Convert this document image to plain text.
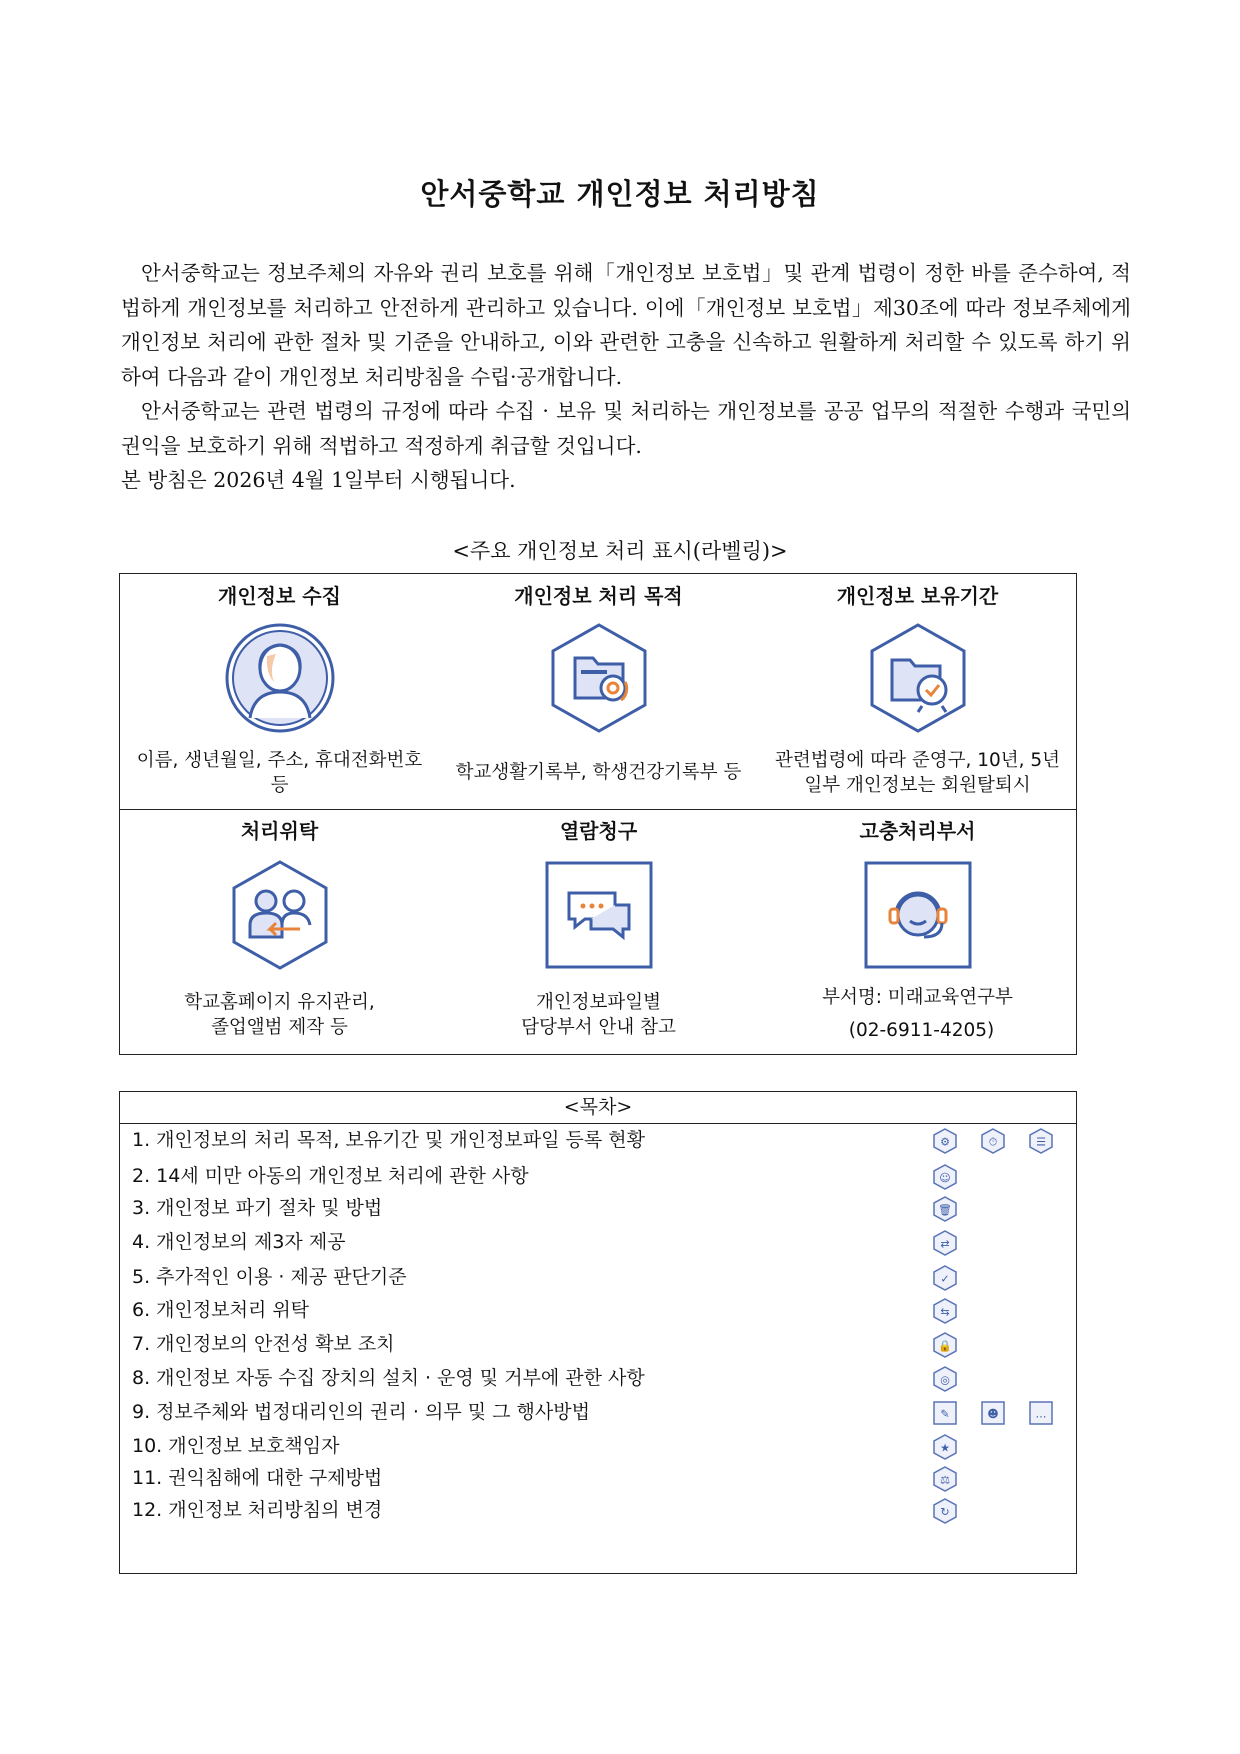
안서중학교 개인정보 처리방침

안서중학교는 정보주체의 자유와 권리 보호를 위해「개인정보 보호법」및 관계 법령이 정한 바를 준수하여, 적법하게 개인정보를 처리하고 안전하게 관리하고 있습니다. 이에「개인정보 보호법」제30조에 따라 정보주체에게 개인정보 처리에 관한 절차 및 기준을 안내하고, 이와 관련한 고충을 신속하고 원활하게 처리할 수 있도록 하기 위하여 다음과 같이 개인정보 처리방침을 수립·공개합니다.

안서중학교는 관련 법령의 규정에 따라 수집 · 보유 및 처리하는 개인정보를 공공 업무의 적절한 수행과 국민의 권익을 보호하기 위해 적법하고 적정하게 취급할 것입니다.

본 방침은 2026년 4월 1일부터 시행됩니다.

<주요 개인정보 처리 표시(라벨링)>
개인정보 수집
이름, 생년월일, 주소, 휴대전화번호
등
개인정보 처리 목적
학교생활기록부, 학생건강기록부 등
개인정보 보유기간
관련법령에 따라 준영구, 10년, 5년
일부 개인정보는 회원탈퇴시
처리위탁
학교홈페이지 유지관리,
졸업앨범 제작 등
열람청구
개인정보파일별
담당부서 안내 참고
고충처리부서
부서명: 미래교육연구부
(02-6911-4205)
<목차>
1. 개인정보의 처리 목적, 보유기간 및 개인정보파일 등록 현황	⚙	⏱	☰
2. 14세 미만 아동의 개인정보 처리에 관한 사항	☺
3. 개인정보 파기 절차 및 방법	🗑
4. 개인정보의 제3자 제공	⇄
5. 추가적인 이용 · 제공 판단기준	✓
6. 개인정보처리 위탁	⇆
7. 개인정보의 안전성 확보 조치	🔒
8. 개인정보 자동 수집 장치의 설치 · 운영 및 거부에 관한 사항	◎
9. 정보주체와 법정대리인의 권리 · 의무 및 그 행사방법	✎	☻	…
10. 개인정보 보호책임자	★
11. 권익침해에 대한 구제방법	⚖
12. 개인정보 처리방침의 변경	↻
